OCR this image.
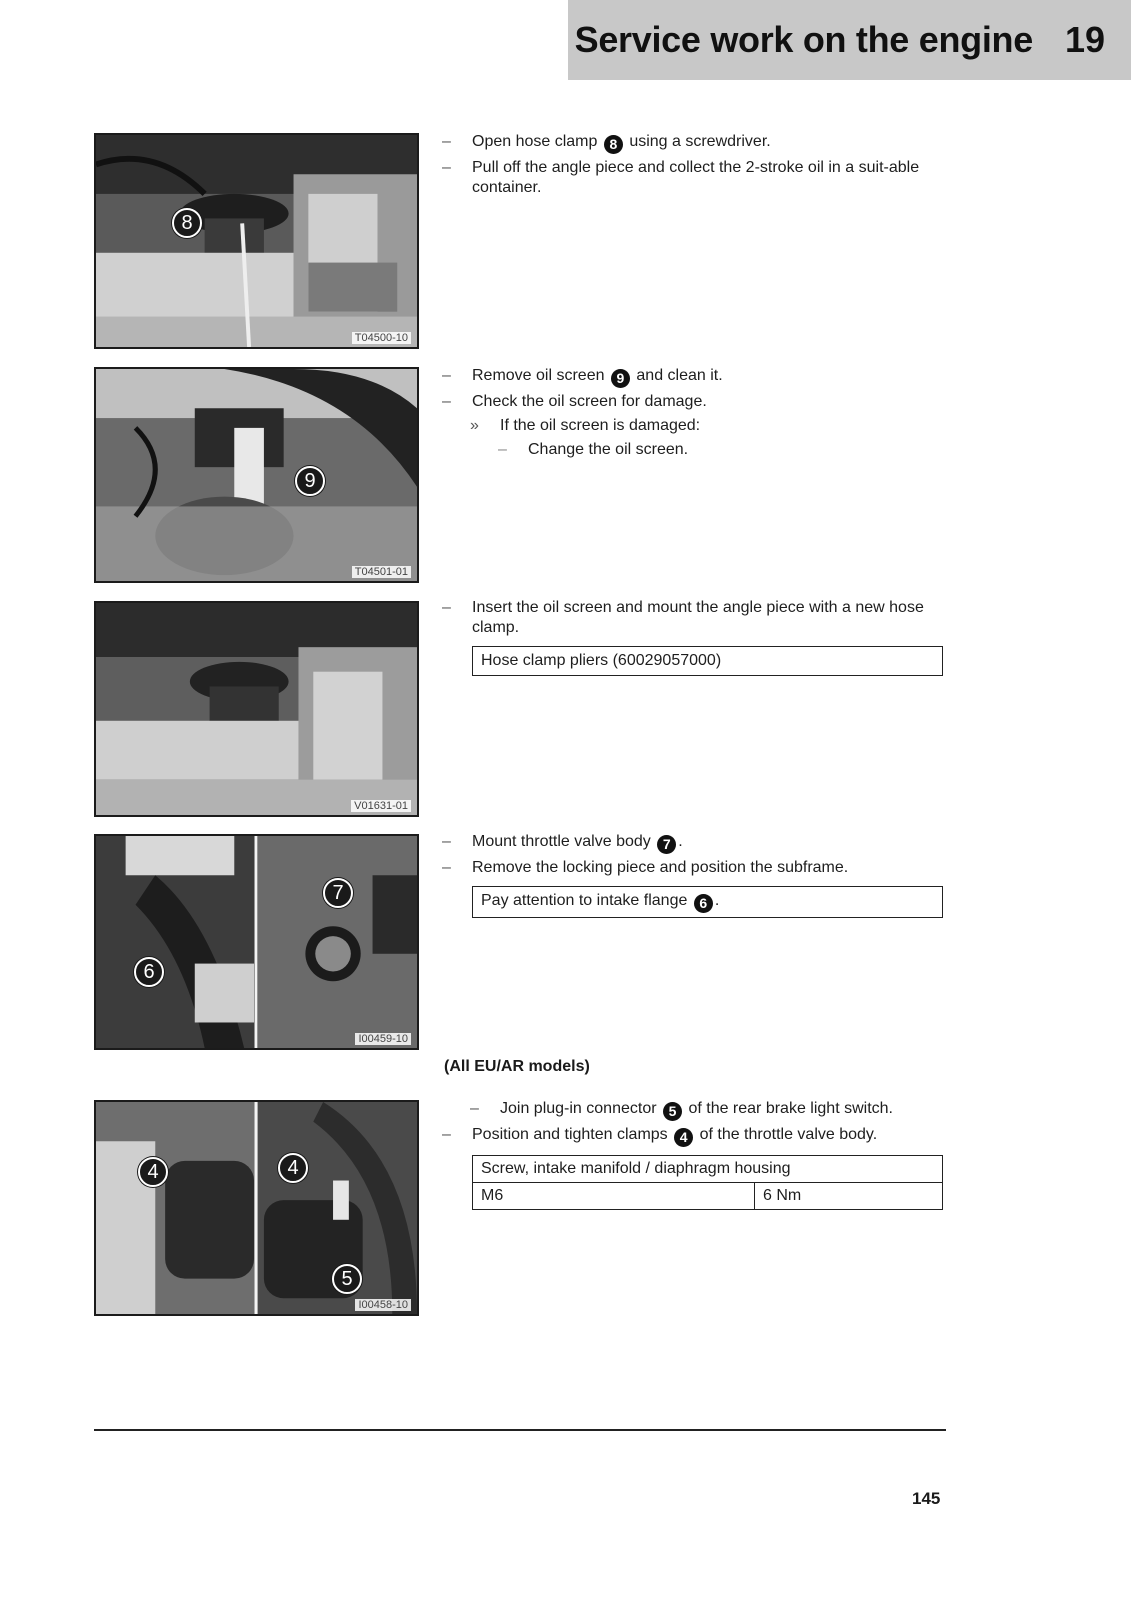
Service work on the engine 19
8
T04500-10
– Open hose clamp 8 using a screwdriver.
– Pull off the angle piece and collect the 2-stroke oil in a suit-able container.
9
T04501-01
– Remove oil screen 9 and clean it.
– Check the oil screen for damage.
» If the oil screen is damaged:
– Change the oil screen.
V01631-01
– Insert the oil screen and mount the angle piece with a new hose clamp.
Hose clamp pliers (60029057000)
7
6
I00459-10
– Mount throttle valve body 7 .
– Remove the locking piece and position the subframe.
Pay attention to intake flange 6 .
(All EU/AR models)
4	4
5
I00458-10
– Join plug-in connector 5 of the rear brake light switch.
– Position and tighten clamps 4 of the throttle valve body.
Screw, intake manifold / diaphragm housing
M6	6 Nm
145
